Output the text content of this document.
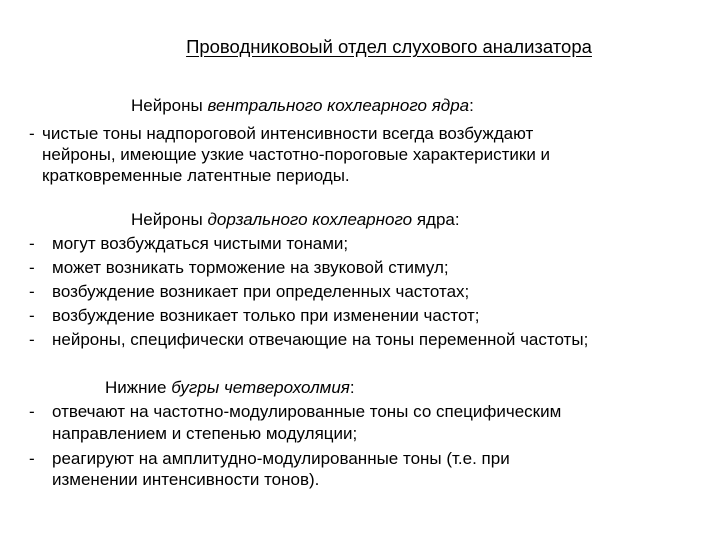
Проводниковоый отдел слухового анализатора
Нейроны вентрального кохлеарного ядра:
- чистые тоны надпороговой интенсивности всегда возбуждают
нейроны, имеющие узкие частотно-пороговые характеристики и
кратковременные латентные периоды.
Нейроны дорзального кохлеарного ядра:
- могут возбуждаться чистыми тонами;
- может возникать торможение на звуковой стимул;
- возбуждение возникает при определенных частотах;
- возбуждение возникает только при изменении частот;
- нейроны, специфически отвечающие на тоны переменной частоты;
Нижние бугры четверохолмия:
- отвечают на частотно-модулированные тоны со специфическим
направлением и степенью модуляции;
- реагируют на амплитудно-модулированные тоны (т.е. при
изменении интенсивности тонов).
